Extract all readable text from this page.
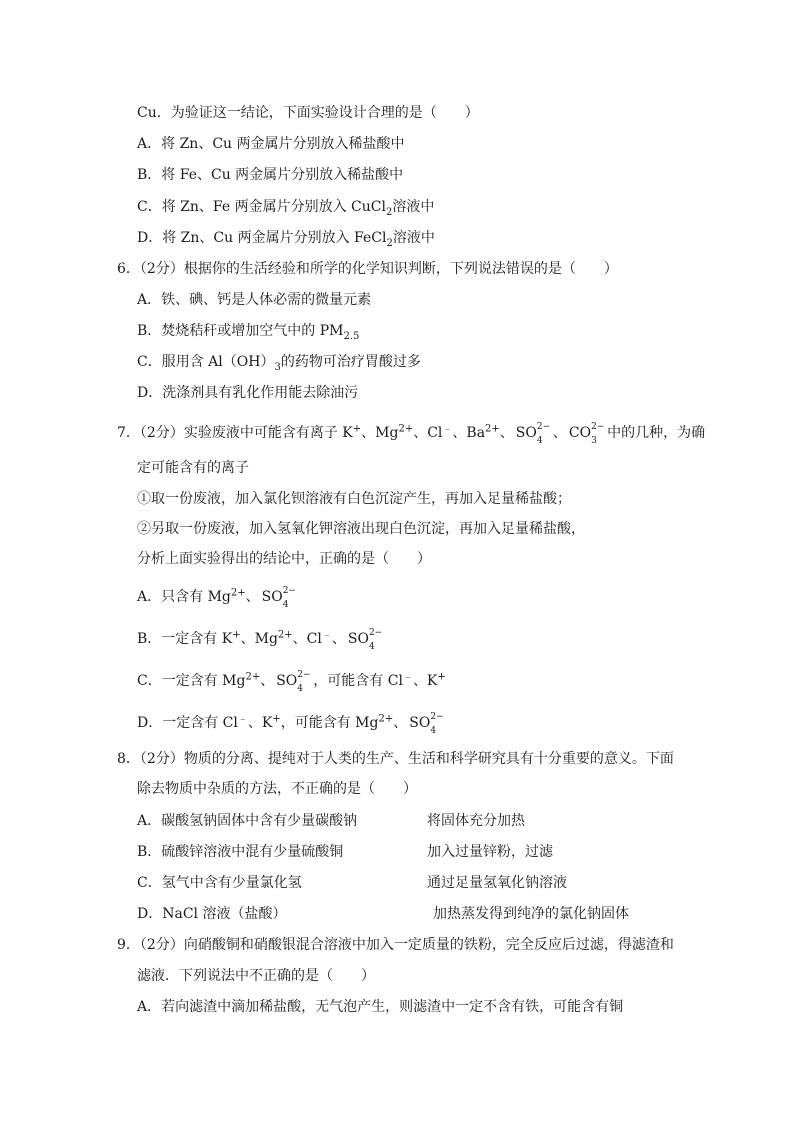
Cu．为验证这一结论，下面实验设计合理的是（　　）
A．将 Zn、Cu 两金属片分别放入稀盐酸中
B．将 Fe、Cu 两金属片分别放入稀盐酸中
C．将 Zn、Fe 两金属片分别放入 CuCl$_2$溶液中
D．将 Zn、Cu 两金属片分别放入 FeCl$_2$溶液中
6．（2分）根据你的生活经验和所学的化学知识判断，下列说法错误的是（　　）
A．铁、碘、钙是人体必需的微量元素
B．焚烧秸秆或增加空气中的 $PM_{2.5}$
C．服用含 $Al(OH)_3$的药物可治疗胃酸过多
D．洗涤剂具有乳化作用能去除油污
7．（2分）实验废液中可能含有离子 K+、$Mg^{2+}$、Cl﹣、$Ba^{2+}$、 SO 2−
4 、 CO 2−
3 中的几种，为确
定可能含有的离子
①取一份废液，加入氯化钡溶液有白色沉淀产生，再加入足量稀盐酸；
②另取一份废液，加入氢氧化钾溶液出现白色沉淀，再加入足量稀盐酸，
分析上面实验得出的结论中，正确的是（　　）
A．只含有 $Mg^{2+}$、 SO 2−
4
B．一定含有 K+、$Mg^{2+}$、Cl﹣、 SO 2−
4
C．一定含有 $Mg^{2+}$、 SO 2−
4 ，可能含有 Cl﹣、K+
D．一定含有 Cl﹣、K+，可能含有 $Mg^{2+}$、 SO 2−
4
8．（2分）物质的分离、提纯对于人类的生产、生活和科学研究具有十分重要的意义。下面
除去物质中杂质的方法，不正确的是（　　）
A．碳酸氢钠固体中含有少量碳酸钠	将固体充分加热
B．硫酸锌溶液中混有少量硫酸铜	加入过量锌粉，过滤
C．氢气中含有少量氯化氢	通过足量氢氧化钠溶液
D．NaCl 溶液（盐酸）	加热蒸发得到纯净的氯化钠固体
9．（2分）向硝酸铜和硝酸银混合溶液中加入一定质量的铁粉，完全反应后过滤，得滤渣和
滤液．下列说法中不正确的是（　　）
A．若向滤渣中滴加稀盐酸，无气泡产生，则滤渣中一定不含有铁，可能含有铜
